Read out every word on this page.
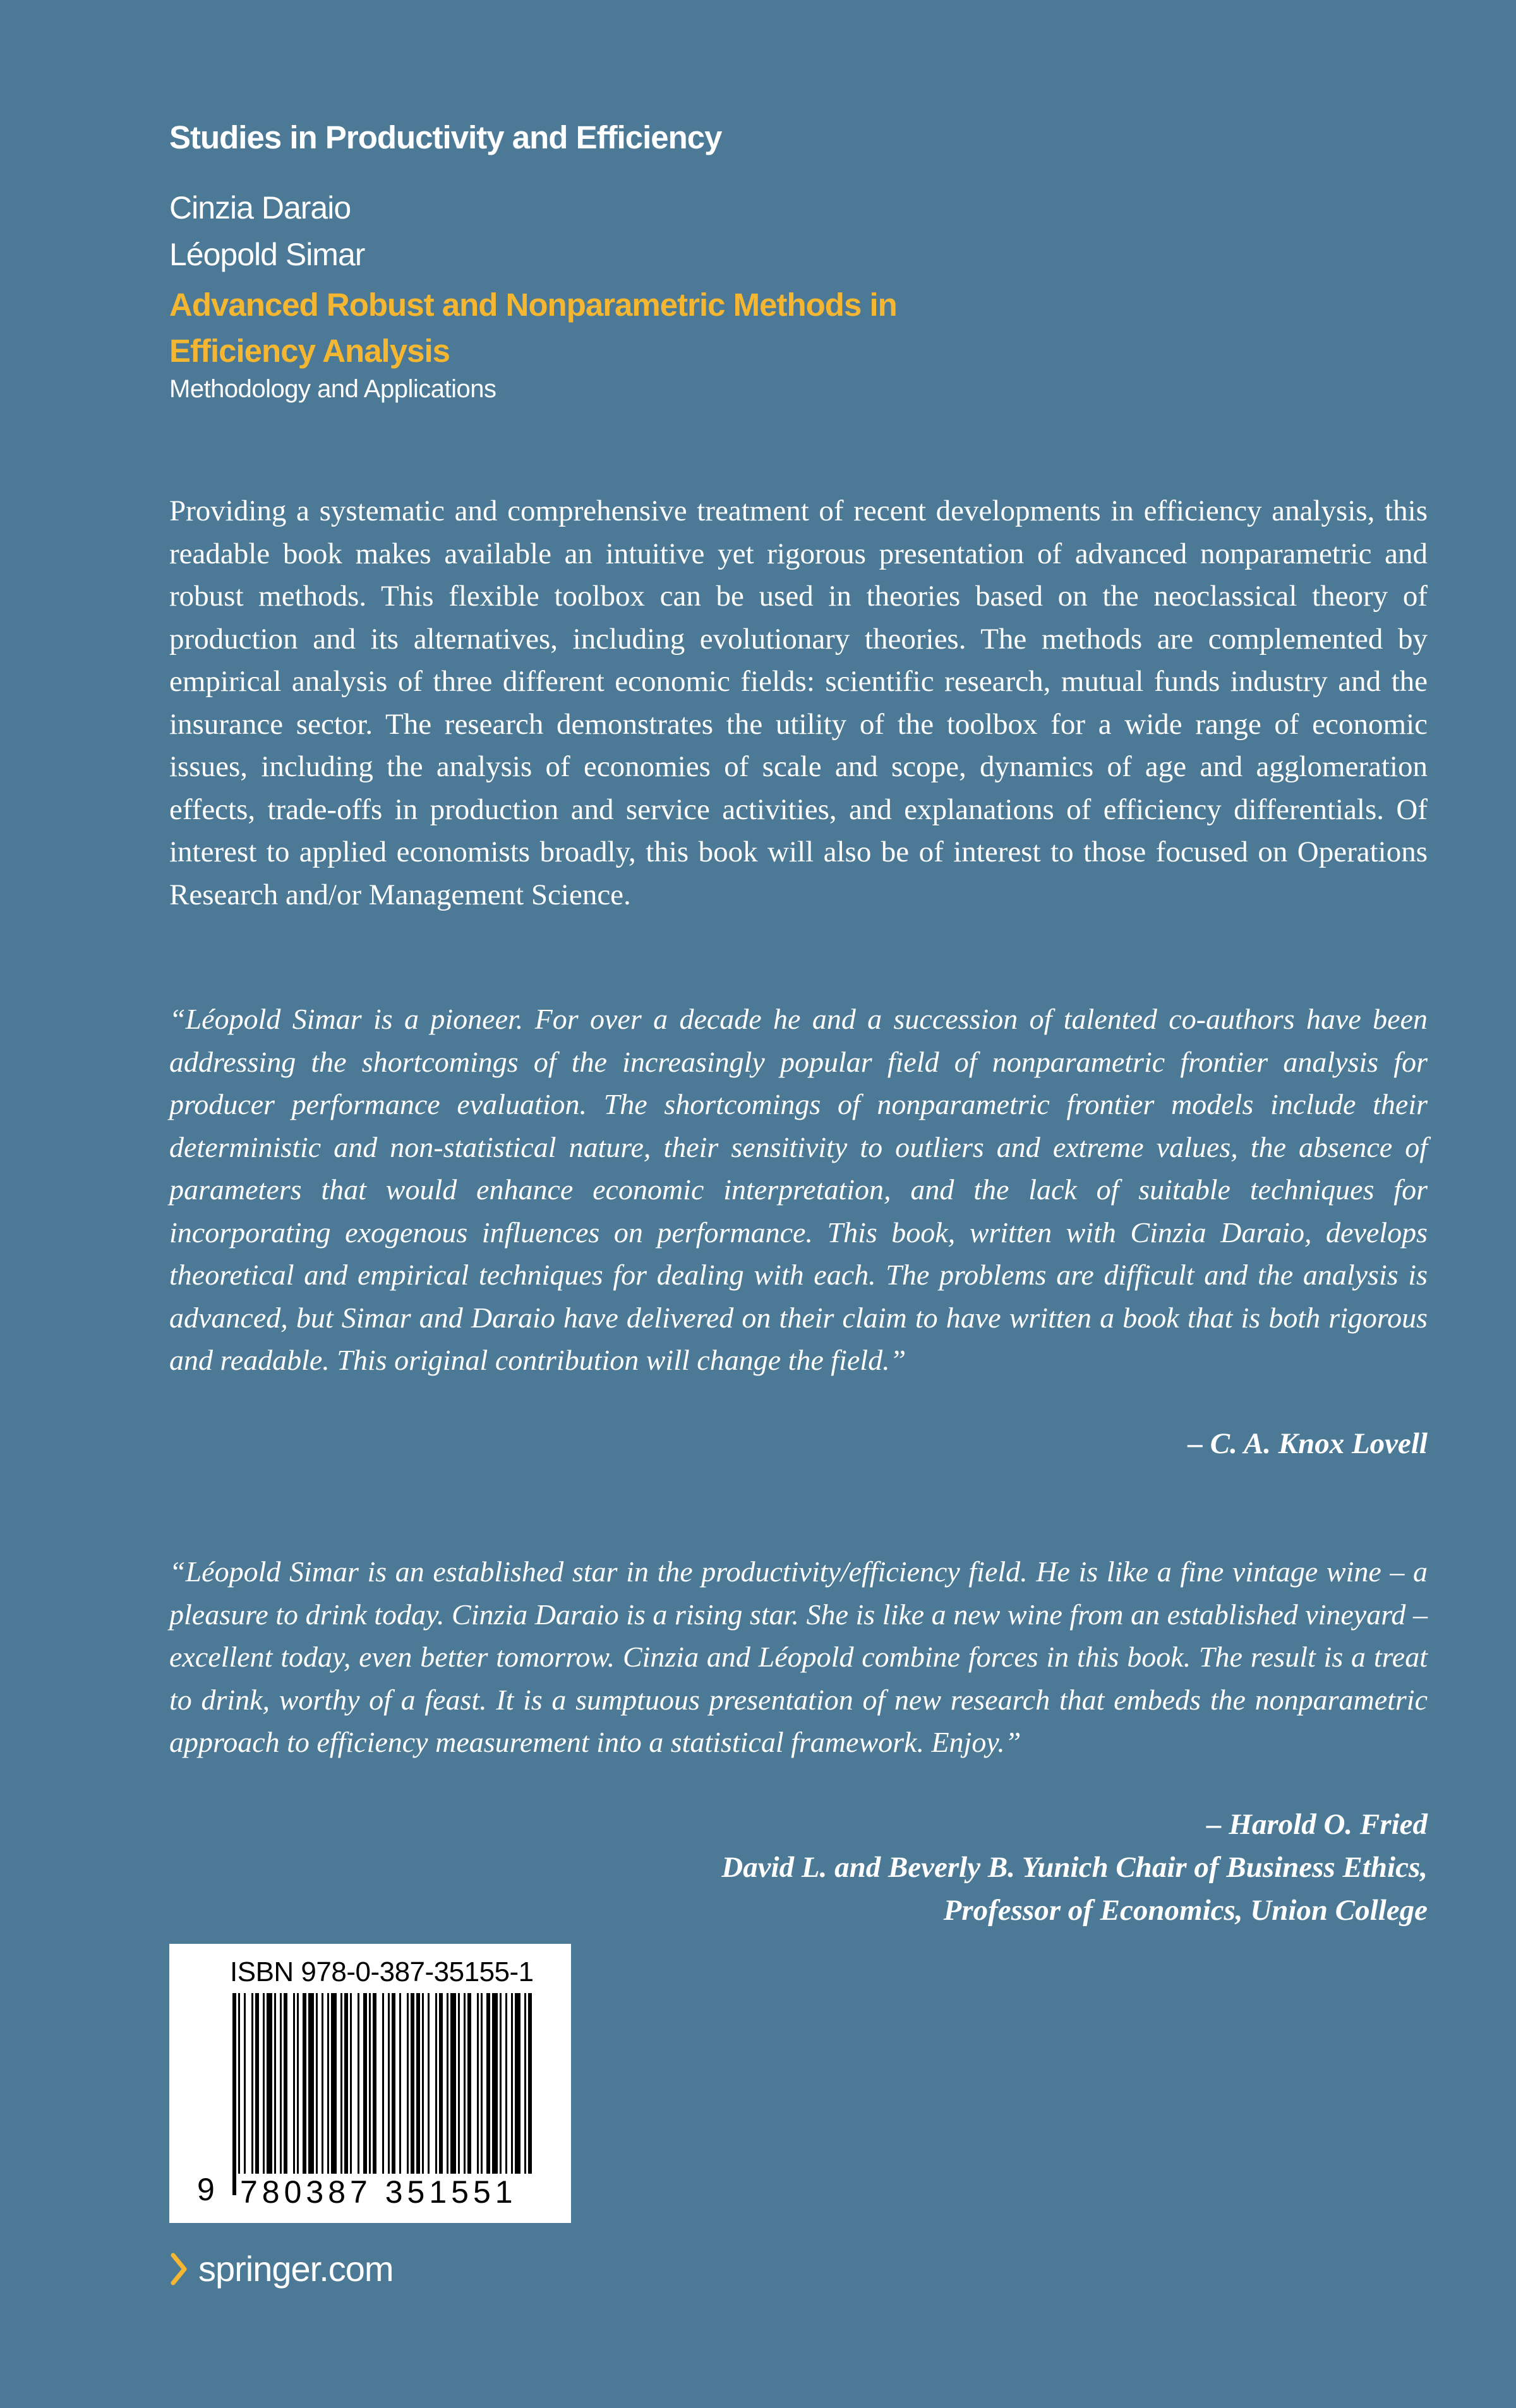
Studies in Productivity and Efficiency
Cinzia Daraio
Léopold Simar
Advanced Robust and Nonparametric Methods in
Efficiency Analysis
Methodology and Applications
Providing a systematic and comprehensive treatment of recent developments in efficiency analysis, this readable book makes available an intuitive yet rigorous presentation of advanced nonparametric and robust methods. This flexible toolbox can be used in theories based on the neoclassical theory of production and its alternatives, including evolutionary theories. The methods are complemented by empirical analysis of three different economic fields: scientific research, mutual funds industry and the insurance sector. The research demonstrates the utility of the toolbox for a wide range of economic issues, including the analysis of economies of scale and scope, dynamics of age and agglomeration effects, trade-offs in production and service activities, and explanations of efficiency differentials. Of interest to applied economists broadly, this book will also be of interest to those focused on Operations Research and/or Management Science.
“Léopold Simar is a pioneer. For over a decade he and a succession of talented co-authors have been addressing the shortcomings of the increasingly popular field of nonparametric frontier analysis for producer performance evaluation. The shortcomings of nonparametric frontier models include their deterministic and non-statistical nature, their sensitivity to outliers and extreme values, the absence of parameters that would enhance economic interpretation, and the lack of suitable techniques for incorporating exogenous influences on performance. This book, written with Cinzia Daraio, develops theoretical and empirical techniques for dealing with each. The problems are difficult and the analysis is advanced, but Simar and Daraio have delivered on their claim to have written a book that is both rigorous and readable. This original contribution will change the field.”
– C. A. Knox Lovell
“Léopold Simar is an established star in the productivity/efficiency field. He is like a fine vintage wine – a pleasure to drink today. Cinzia Daraio is a rising star. She is like a new wine from an established vineyard – excellent today, even better tomorrow. Cinzia and Léopold combine forces in this book. The result is a treat to drink, worthy of a feast. It is a sumptuous presentation of new research that embeds the nonparametric approach to efficiency measurement into a statistical framework. Enjoy.”
– Harold O. Fried
David L. and Beverly B. Yunich Chair of Business Ethics,
Professor of Economics, Union College
ISBN 978-0-387-35155-1
9 780387 351551
springer.com
